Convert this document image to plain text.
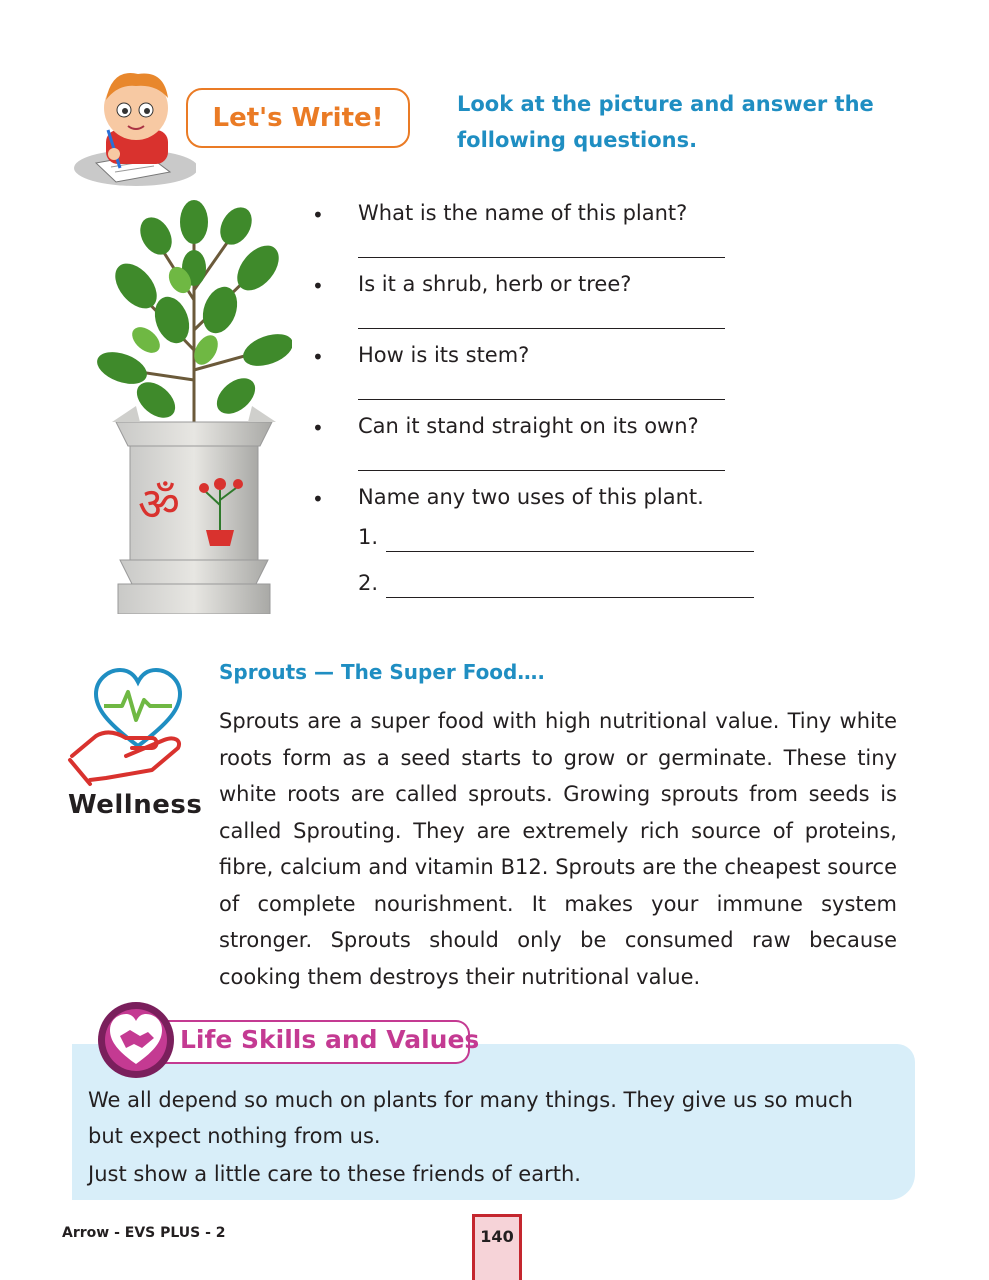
Let's Write!	Look at the picture and answer the
following questions.
ॐ
• What is the name of this plant?
• Is it a shrub, herb or tree?
• How is its stem?
• Can it stand straight on its own?
• Name any two uses of this plant.
1.
2.
Wellness
Sprouts — The Super Food….
Sprouts are a super food with high nutritional value. Tiny white roots form as a seed starts to grow or germinate. These tiny white roots are called sprouts. Growing sprouts from seeds is called Sprouting. They are extremely rich source of proteins, fibre, calcium and vitamin B12. Sprouts are the cheapest source of complete nourishment. It makes your immune system stronger. Sprouts should only be consumed raw because cooking them destroys their nutritional value.
Life Skills and Values
We all depend so much on plants for many things. They give us so much
but expect nothing from us.
Just show a little care to these friends of earth.
Arrow - EVS PLUS - 2	140
